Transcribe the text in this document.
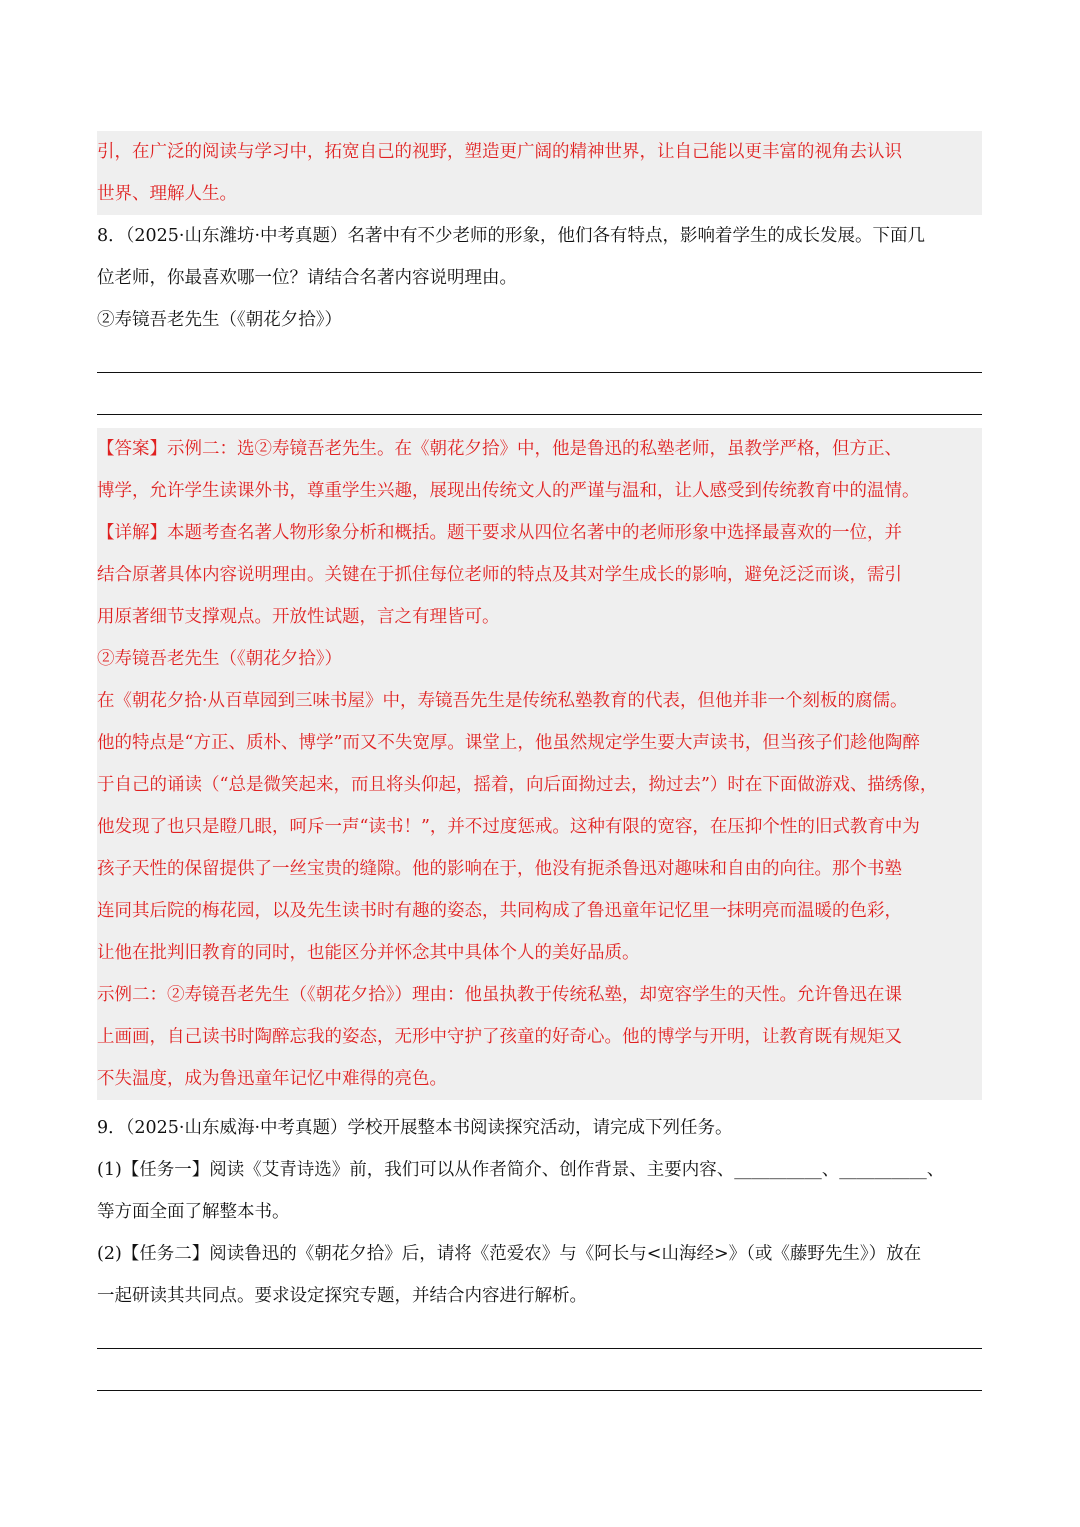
引，在广泛的阅读与学习中，拓宽自己的视野，塑造更广阔的精神世界，让自己能以更丰富的视角去认识
世界、理解人生。
8．（2025·山东潍坊·中考真题）名著中有不少老师的形象，他们各有特点，影响着学生的成长发展。下面几
位老师，你最喜欢哪一位？请结合名著内容说明理由。
②寿镜吾老先生（《朝花夕拾》）
【答案】示例二：选②寿镜吾老先生。在《朝花夕拾》中，他是鲁迅的私塾老师，虽教学严格，但方正、
博学，允许学生读课外书，尊重学生兴趣，展现出传统文人的严谨与温和，让人感受到传统教育中的温情。
【详解】本题考查名著人物形象分析和概括。题干要求从四位名著中的老师形象中选择最喜欢的一位，并
结合原著具体内容说明理由。关键在于抓住每位老师的特点及其对学生成长的影响，避免泛泛而谈，需引
用原著细节支撑观点。开放性试题，言之有理皆可。
②寿镜吾老先生（《朝花夕拾》）
在《朝花夕拾·从百草园到三味书屋》中，寿镜吾先生是传统私塾教育的代表，但他并非一个刻板的腐儒。
他的特点是“方正、质朴、博学”而又不失宽厚。课堂上，他虽然规定学生要大声读书，但当孩子们趁他陶醉
于自己的诵读（“总是微笑起来，而且将头仰起，摇着，向后面拗过去，拗过去”）时在下面做游戏、描绣像，
他发现了也只是瞪几眼，呵斥一声“读书！”，并不过度惩戒。这种有限的宽容，在压抑个性的旧式教育中为
孩子天性的保留提供了一丝宝贵的缝隙。他的影响在于，他没有扼杀鲁迅对趣味和自由的向往。那个书塾
连同其后院的梅花园，以及先生读书时有趣的姿态，共同构成了鲁迅童年记忆里一抹明亮而温暖的色彩，
让他在批判旧教育的同时，也能区分并怀念其中具体个人的美好品质。
示例二：②寿镜吾老先生（《朝花夕拾》）理由：他虽执教于传统私塾，却宽容学生的天性。允许鲁迅在课
上画画，自己读书时陶醉忘我的姿态，无形中守护了孩童的好奇心。他的博学与开明，让教育既有规矩又
不失温度，成为鲁迅童年记忆中难得的亮色。
9．（2025·山东威海·中考真题）学校开展整本书阅读探究活动，请完成下列任务。
(1)【任务一】阅读《艾青诗选》前，我们可以从作者简介、创作背景、主要内容、__________、__________、
等方面全面了解整本书。
(2)【任务二】阅读鲁迅的《朝花夕拾》后，请将《范爱农》与《阿长与<山海经>》（或《藤野先生》）放在
一起研读其共同点。要求设定探究专题，并结合内容进行解析。
